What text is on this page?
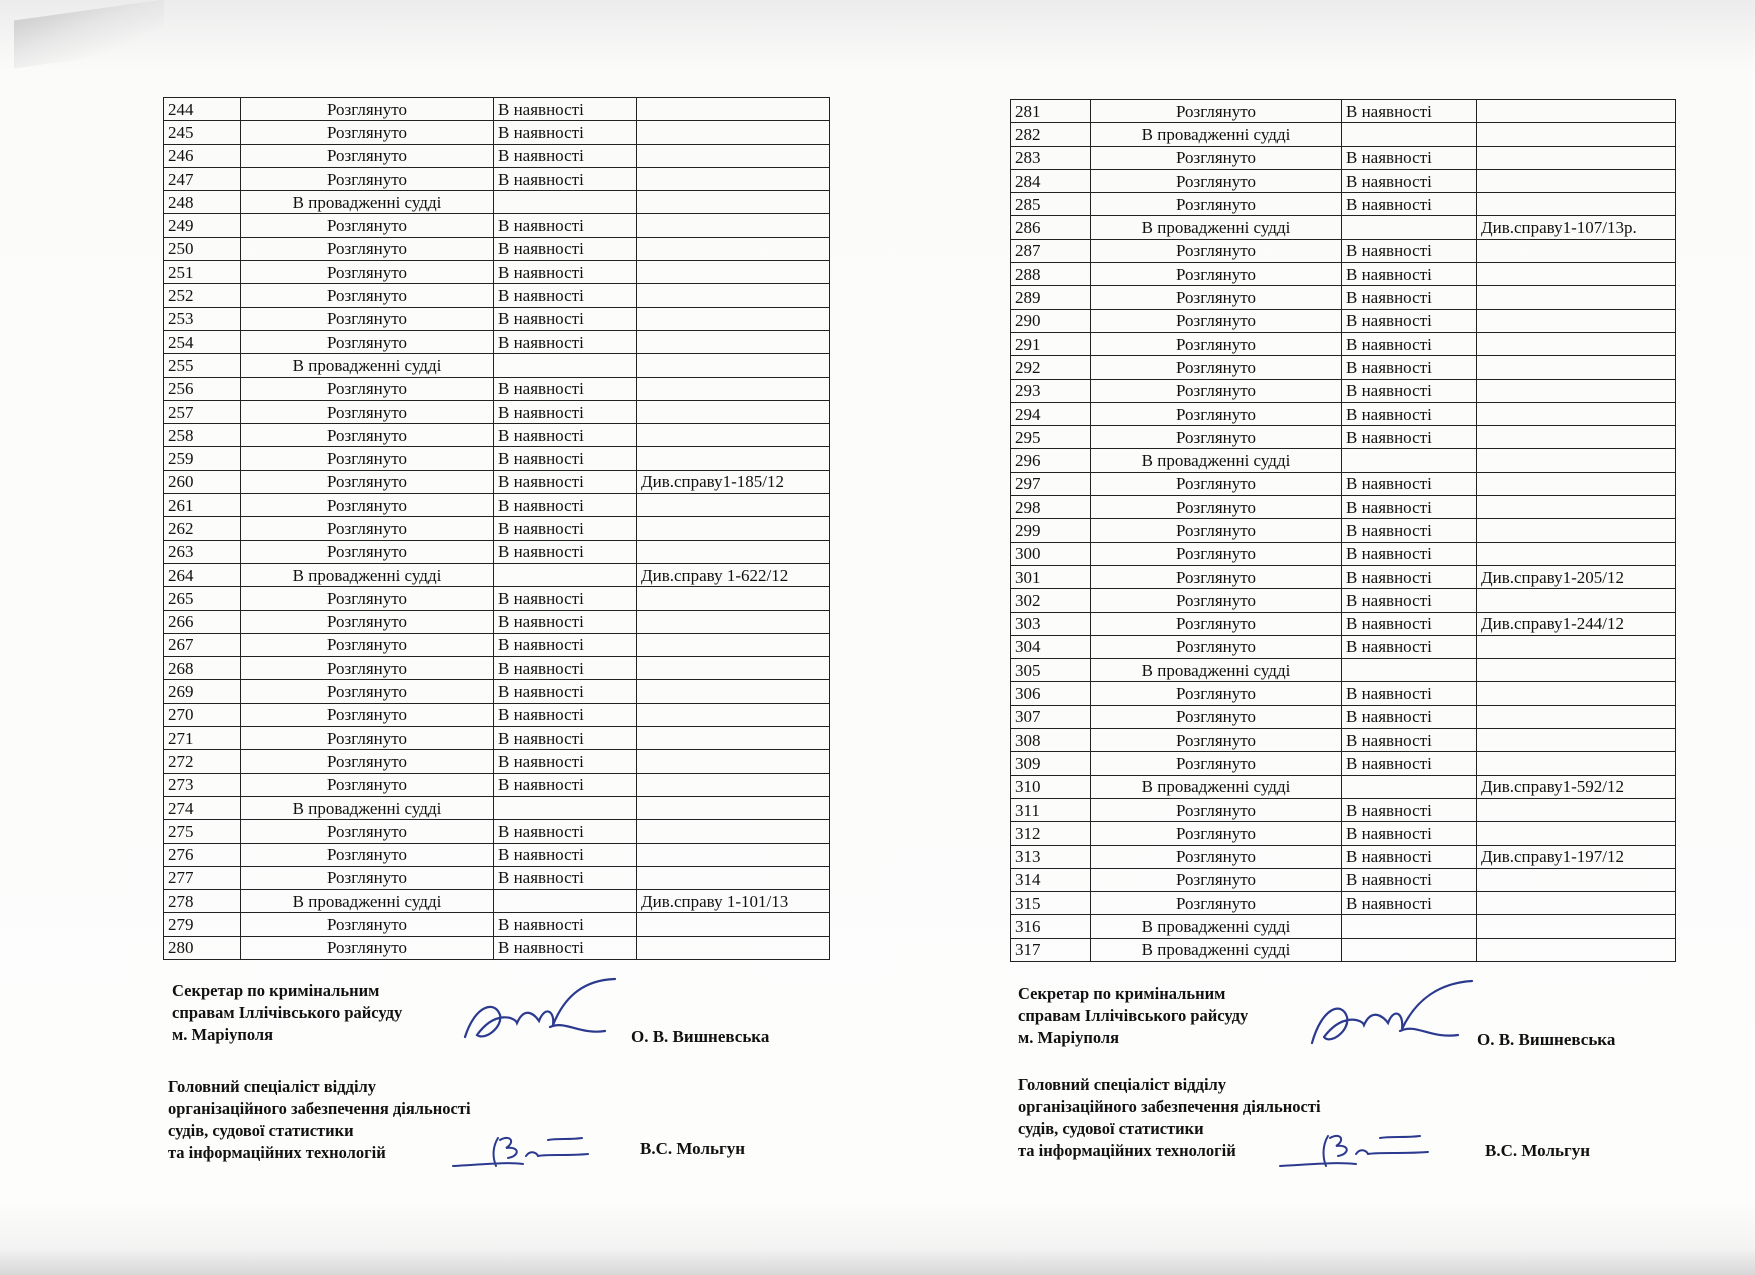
244	Розглянуто	В наявності	
245	Розглянуто	В наявності	
246	Розглянуто	В наявності	
247	Розглянуто	В наявності	
248	В провадженні судді		
249	Розглянуто	В наявності	
250	Розглянуто	В наявності	
251	Розглянуто	В наявності	
252	Розглянуто	В наявності	
253	Розглянуто	В наявності	
254	Розглянуто	В наявності	
255	В провадженні судді		
256	Розглянуто	В наявності	
257	Розглянуто	В наявності	
258	Розглянуто	В наявності	
259	Розглянуто	В наявності	
260	Розглянуто	В наявності	Див.справу1-185/12
261	Розглянуто	В наявності	
262	Розглянуто	В наявності	
263	Розглянуто	В наявності	
264	В провадженні судді		Див.справу 1-622/12
265	Розглянуто	В наявності	
266	Розглянуто	В наявності	
267	Розглянуто	В наявності	
268	Розглянуто	В наявності	
269	Розглянуто	В наявності	
270	Розглянуто	В наявності	
271	Розглянуто	В наявності	
272	Розглянуто	В наявності	
273	Розглянуто	В наявності	
274	В провадженні судді		
275	Розглянуто	В наявності	
276	Розглянуто	В наявності	
277	Розглянуто	В наявності	
278	В провадженні судді		Див.справу 1-101/13
279	Розглянуто	В наявності	
280	Розглянуто	В наявності	
281	Розглянуто	В наявності	
282	В провадженні судді		
283	Розглянуто	В наявності	
284	Розглянуто	В наявності	
285	Розглянуто	В наявності	
286	В провадженні судді		Див.справу1-107/13р.
287	Розглянуто	В наявності	
288	Розглянуто	В наявності	
289	Розглянуто	В наявності	
290	Розглянуто	В наявності	
291	Розглянуто	В наявності	
292	Розглянуто	В наявності	
293	Розглянуто	В наявності	
294	Розглянуто	В наявності	
295	Розглянуто	В наявності	
296	В провадженні судді		
297	Розглянуто	В наявності	
298	Розглянуто	В наявності	
299	Розглянуто	В наявності	
300	Розглянуто	В наявності	
301	Розглянуто	В наявності	Див.справу1-205/12
302	Розглянуто	В наявності	
303	Розглянуто	В наявності	Див.справу1-244/12
304	Розглянуто	В наявності	
305	В провадженні судді		
306	Розглянуто	В наявності	
307	Розглянуто	В наявності	
308	Розглянуто	В наявності	
309	Розглянуто	В наявності	
310	В провадженні судді		Див.справу1-592/12
311	Розглянуто	В наявності	
312	Розглянуто	В наявності	
313	Розглянуто	В наявності	Див.справу1-197/12
314	Розглянуто	В наявності	
315	Розглянуто	В наявності	
316	В провадженні судді		
317	В провадженні судді		
Секретар по кримінальним
справам Іллічівського райсуду
м. Маріуполя	О. В. Вишневська
Головний спеціаліст відділу
організаційного забезпечення діяльності
судів, судової статистики
та інформаційних технологій	В.С. Мольгун
Секретар по кримінальним
справам Іллічівського райсуду
м. Маріуполя	О. В. Вишневська
Головний спеціаліст відділу
організаційного забезпечення діяльності
судів, судової статистики
та інформаційних технологій	В.С. Мольгун
